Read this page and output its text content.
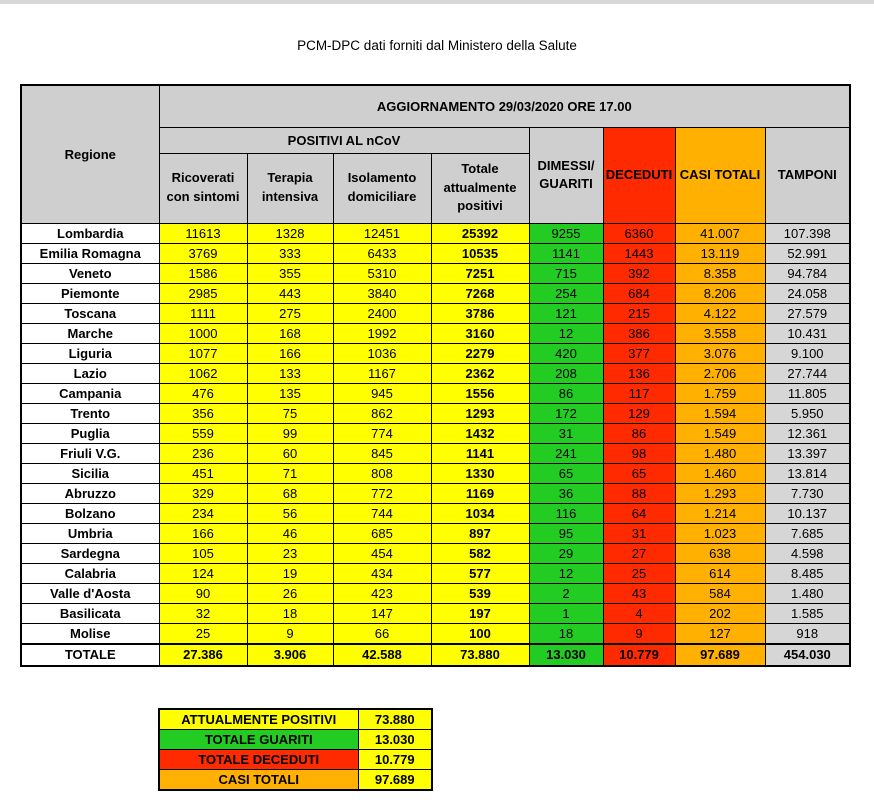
PCM-DPC dati forniti dal Ministero della Salute
Regione	AGGIORNAMENTO 29/03/2020 ORE 17.00							
	POSITIVI AL nCoV				DIMESSI/ GUARITI	DECEDUTI	CASI TOTALI	TAMPONI
	Ricoverati con sintomi	Terapia intensiva	Isolamento domiciliare	Totale attualmente positivi				
Lombardia	11613	1328	12451	25392	9255	6360	41.007	107.398
Emilia Romagna	3769	333	6433	10535	1141	1443	13.119	52.991
Veneto	1586	355	5310	7251	715	392	8.358	94.784
Piemonte	2985	443	3840	7268	254	684	8.206	24.058
Toscana	1111	275	2400	3786	121	215	4.122	27.579
Marche	1000	168	1992	3160	12	386	3.558	10.431
Liguria	1077	166	1036	2279	420	377	3.076	9.100
Lazio	1062	133	1167	2362	208	136	2.706	27.744
Campania	476	135	945	1556	86	117	1.759	11.805
Trento	356	75	862	1293	172	129	1.594	5.950
Puglia	559	99	774	1432	31	86	1.549	12.361
Friuli V.G.	236	60	845	1141	241	98	1.480	13.397
Sicilia	451	71	808	1330	65	65	1.460	13.814
Abruzzo	329	68	772	1169	36	88	1.293	7.730
Bolzano	234	56	744	1034	116	64	1.214	10.137
Umbria	166	46	685	897	95	31	1.023	7.685
Sardegna	105	23	454	582	29	27	638	4.598
Calabria	124	19	434	577	12	25	614	8.485
Valle d'Aosta	90	26	423	539	2	43	584	1.480
Basilicata	32	18	147	197	1	4	202	1.585
Molise	25	9	66	100	18	9	127	918
TOTALE	27.386	3.906	42.588	73.880	13.030	10.779	97.689	454.030
ATTUALMENTE POSITIVI	73.880
TOTALE GUARITI	13.030
TOTALE DECEDUTI	10.779
CASI TOTALI	97.689
